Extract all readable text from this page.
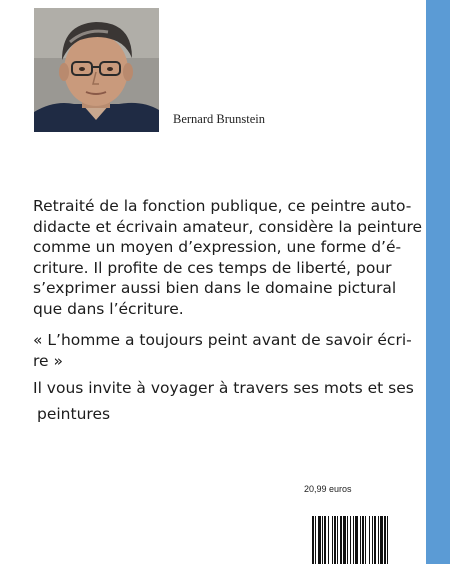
Bernard Brunstein

Retraité de la fonction publique, ce peintre auto-
didacte et écrivain amateur, considère la peinture
comme un moyen d’expression, une forme d’é-
criture. Il profite de ces temps de liberté, pour
s’exprimer aussi bien dans le domaine pictural
que dans l’écriture.

« L’homme a toujours peint avant de savoir écri-
re »

Il vous invite à voyager à travers ses mots et ses
peintures

20,99 euros
